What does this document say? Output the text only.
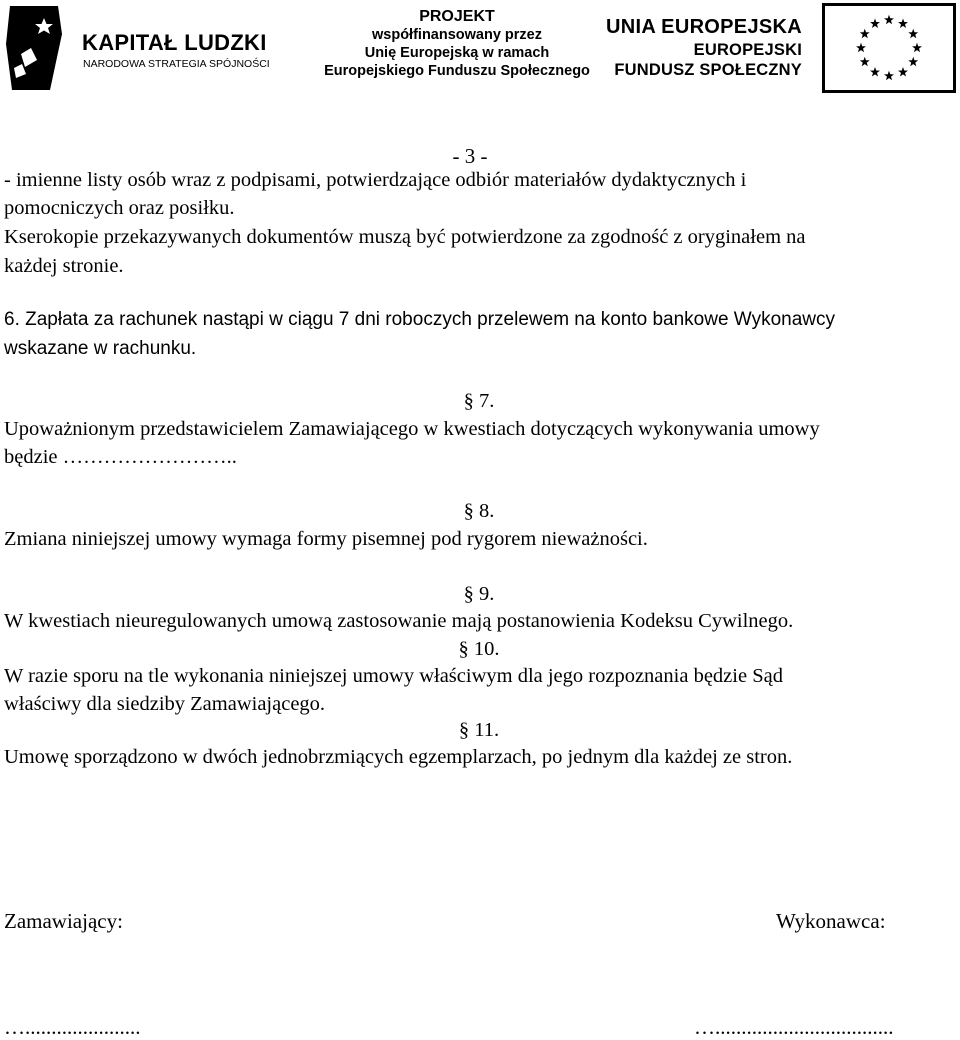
KAPITAŁ LUDZKI
NARODOWA STRATEGIA SPÓJNOŚCI
PROJEKT
współfinansowany przez
Unię Europejską w ramach
Europejskiego Funduszu Społecznego
UNIA EUROPEJSKA
EUROPEJSKI
FUNDUSZ SPOŁECZNY
- 3 -
- imienne listy osób wraz z podpisami, potwierdzające odbiór materiałów dydaktycznych i
pomocniczych oraz posiłku.
Kserokopie przekazywanych dokumentów muszą być potwierdzone za zgodność z oryginałem na
każdej stronie.
6. Zapłata za rachunek nastąpi w ciągu 7 dni roboczych przelewem na konto bankowe Wykonawcy
wskazane w rachunku.
§ 7.
Upoważnionym przedstawicielem Zamawiającego w kwestiach dotyczących wykonywania umowy
będzie ……………………..
§ 8.
Zmiana niniejszej umowy wymaga formy pisemnej pod rygorem nieważności.
§ 9.
W kwestiach nieuregulowanych umową zastosowanie mają postanowienia Kodeksu Cywilnego.
§ 10.
W razie sporu na tle wykonania niniejszej umowy właściwym dla jego rozpoznania będzie Sąd
właściwy dla siedziby Zamawiającego.
§ 11.
Umowę sporządzono w dwóch jednobrzmiących egzemplarzach, po jednym dla każdej ze stron.
Zamawiający:	Wykonawca:
…......................	…..................................
